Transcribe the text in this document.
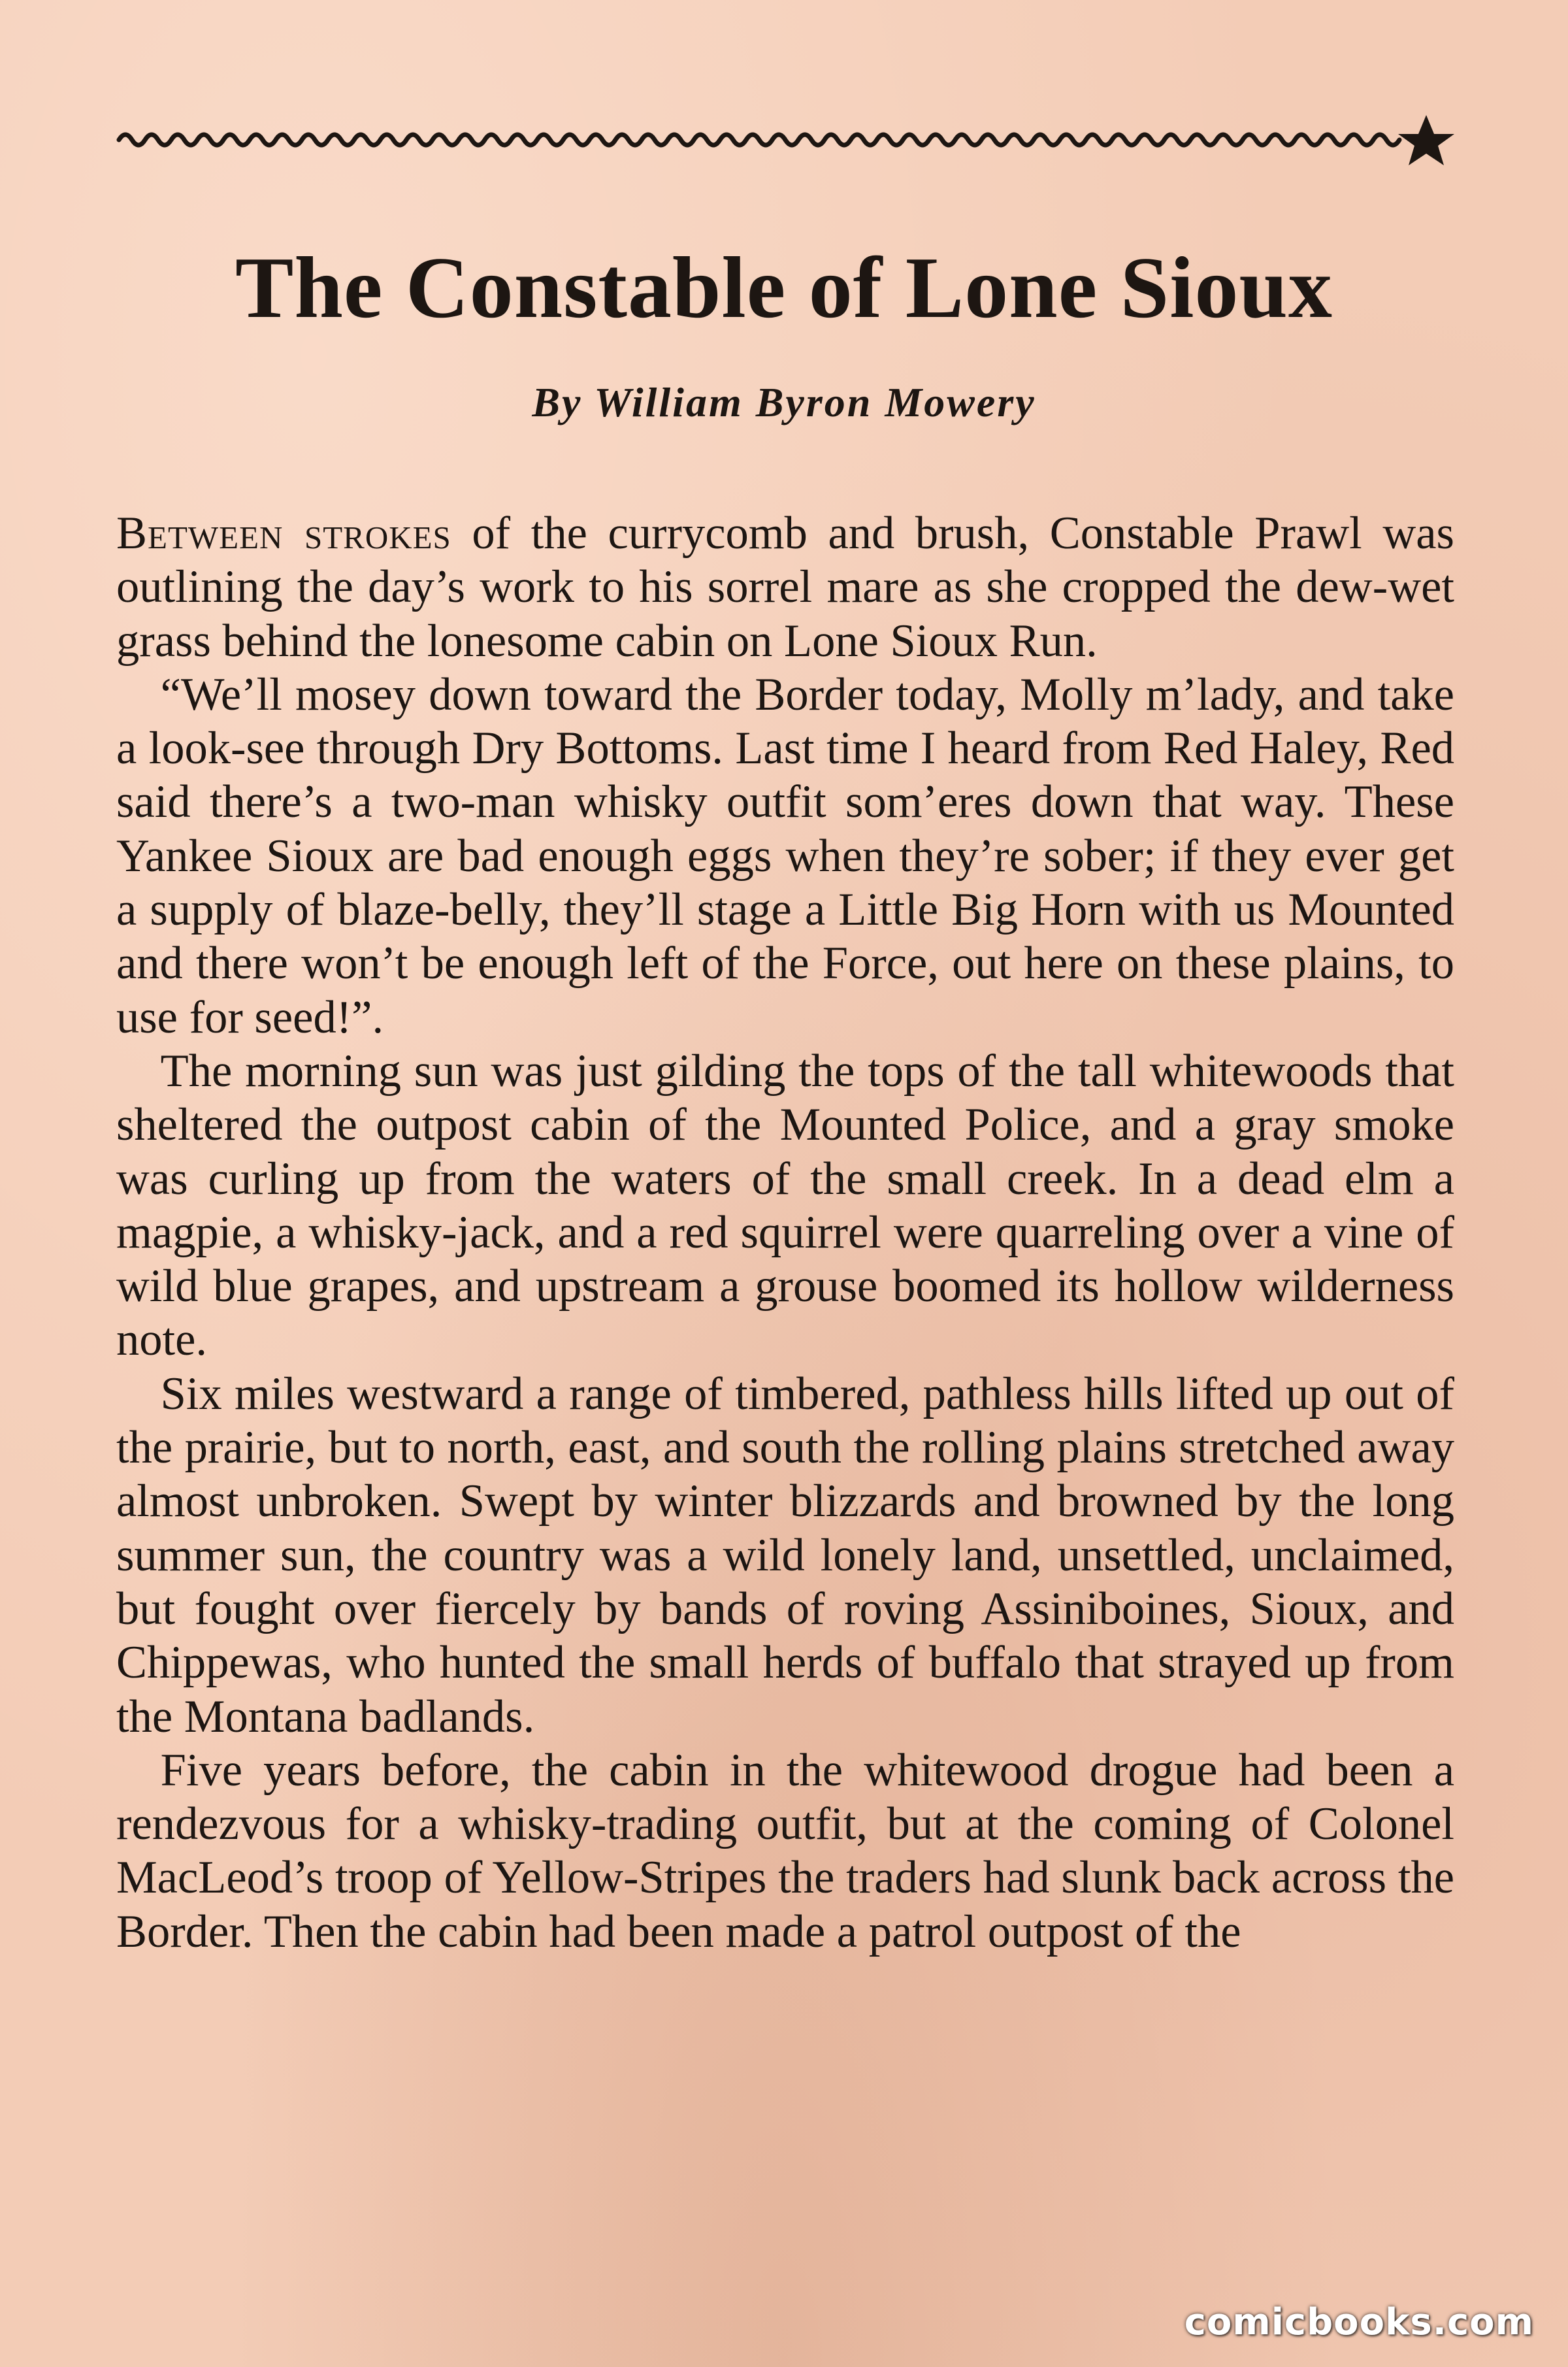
The Constable of Lone Sioux
By William Byron Mowery

Between strokes of the currycomb and brush, Constable Prawl was outlining the day’s work to his sorrel mare as she cropped the dew-wet grass behind the lonesome cabin on Lone Sioux Run.

“We’ll mosey down toward the Border today, Molly m’lady, and take a look-see through Dry Bottoms. Last time I heard from Red Haley, Red said there’s a two-man whisky outfit som’eres down that way. These Yankee Sioux are bad enough eggs when they’re sober; if they ever get a supply of blaze-belly, they’ll stage a Little Big Horn with us Mounted and there won’t be enough left of the Force, out here on these plains, to use for seed!”.

The morning sun was just gilding the tops of the tall whitewoods that sheltered the outpost cabin of the Mounted Police, and a gray smoke was curling up from the waters of the small creek. In a dead elm a magpie, a whisky-jack, and a red squirrel were quarreling over a vine of wild blue grapes, and upstream a grouse boomed its hollow wilderness note.

Six miles westward a range of timbered, pathless hills lifted up out of the prairie, but to north, east, and south the rolling plains stretched away almost unbroken. Swept by winter blizzards and browned by the long summer sun, the country was a wild lonely land, unsettled, unclaimed, but fought over fiercely by bands of roving Assiniboines, Sioux, and Chippewas, who hunted the small herds of buffalo that strayed up from the Montana badlands.

Five years before, the cabin in the whitewood drogue had been a rendezvous for a whisky-trading outfit, but at the coming of Colonel MacLeod’s troop of Yellow-Stripes the traders had slunk back across the Border. Then the cabin had been made a patrol outpost of the

comicbooks.com
